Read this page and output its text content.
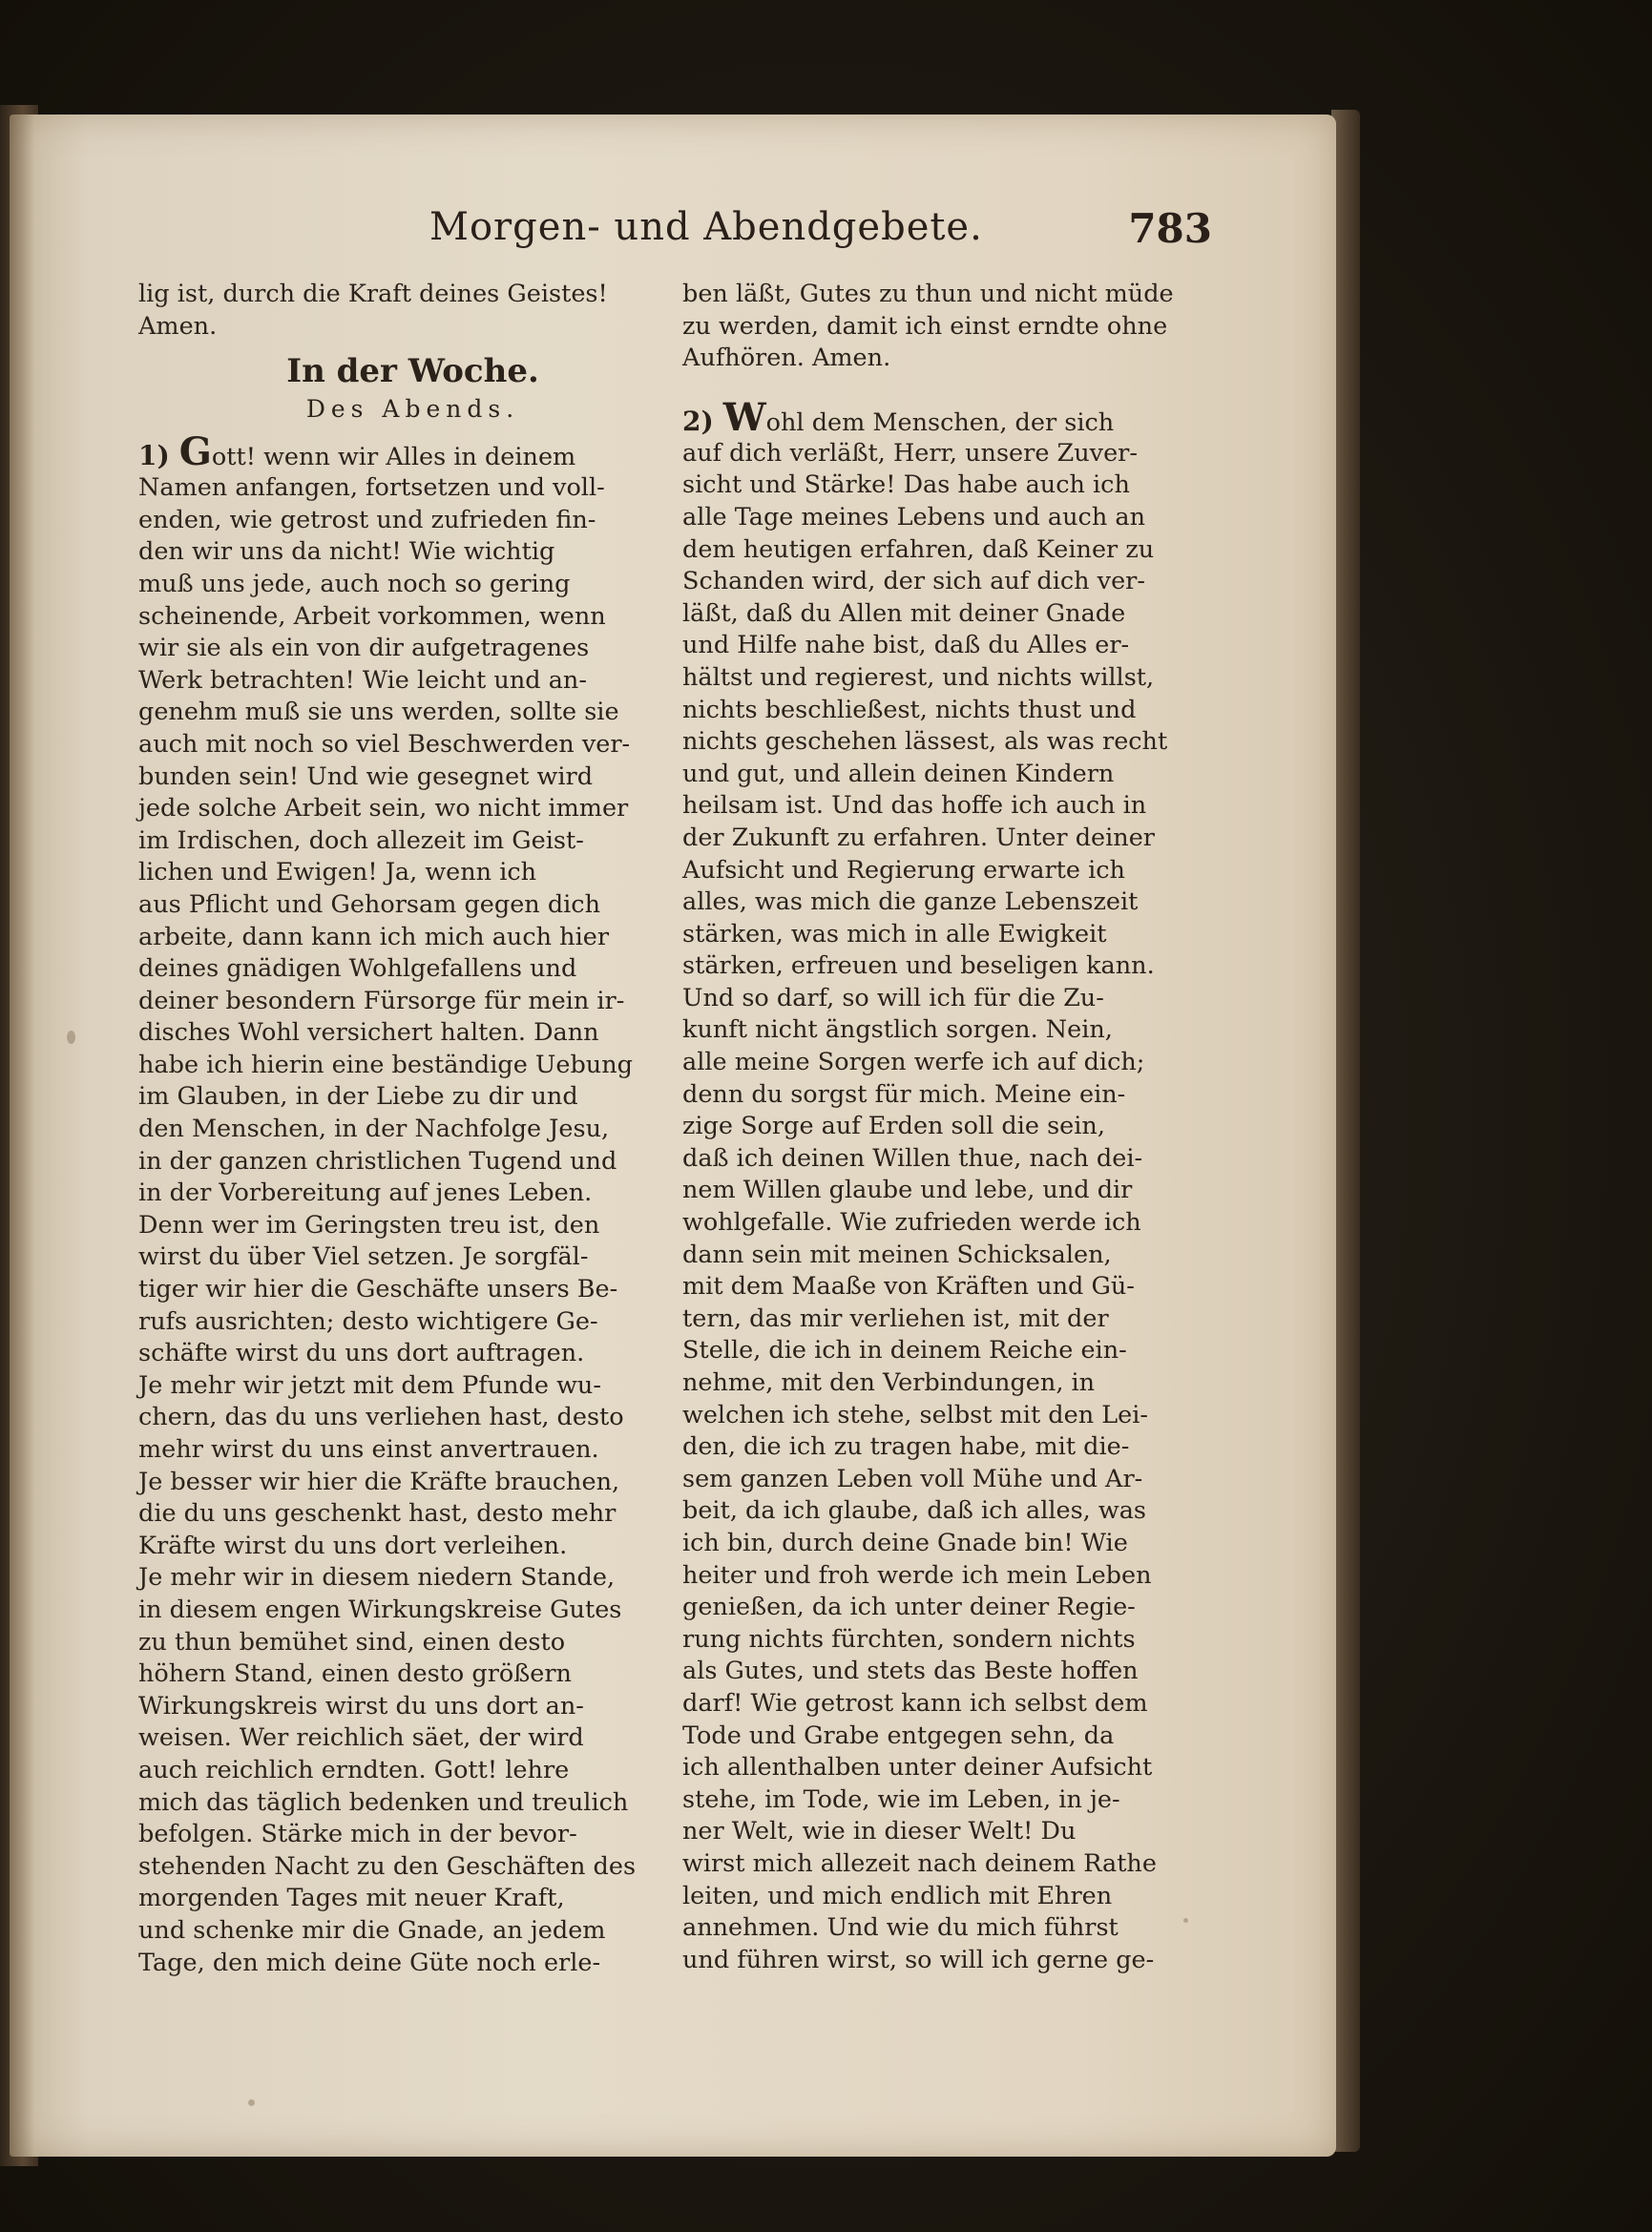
Morgen- und Abendgebete.	783
lig ist, durch die Kraft deines Geistes!
Amen.
In der Woche.
Des Abends.
1) Gott! wenn wir Alles in deinem
Namen anfangen, fortsetzen und voll-
enden, wie getrost und zufrieden fin-
den wir uns da nicht! Wie wichtig
muß uns jede, auch noch so gering
scheinende, Arbeit vorkommen, wenn
wir sie als ein von dir aufgetragenes
Werk betrachten! Wie leicht und an-
genehm muß sie uns werden, sollte sie
auch mit noch so viel Beschwerden ver-
bunden sein! Und wie gesegnet wird
jede solche Arbeit sein, wo nicht immer
im Irdischen, doch allezeit im Geist-
lichen und Ewigen! Ja, wenn ich
aus Pflicht und Gehorsam gegen dich
arbeite, dann kann ich mich auch hier
deines gnädigen Wohlgefallens und
deiner besondern Fürsorge für mein ir-
disches Wohl versichert halten. Dann
habe ich hierin eine beständige Uebung
im Glauben, in der Liebe zu dir und
den Menschen, in der Nachfolge Jesu,
in der ganzen christlichen Tugend und
in der Vorbereitung auf jenes Leben.
Denn wer im Geringsten treu ist, den
wirst du über Viel setzen. Je sorgfäl-
tiger wir hier die Geschäfte unsers Be-
rufs ausrichten; desto wichtigere Ge-
schäfte wirst du uns dort auftragen.
Je mehr wir jetzt mit dem Pfunde wu-
chern, das du uns verliehen hast, desto
mehr wirst du uns einst anvertrauen.
Je besser wir hier die Kräfte brauchen,
die du uns geschenkt hast, desto mehr
Kräfte wirst du uns dort verleihen.
Je mehr wir in diesem niedern Stande,
in diesem engen Wirkungskreise Gutes
zu thun bemühet sind, einen desto
höhern Stand, einen desto größern
Wirkungskreis wirst du uns dort an-
weisen. Wer reichlich säet, der wird
auch reichlich erndten. Gott! lehre
mich das täglich bedenken und treulich
befolgen. Stärke mich in der bevor-
stehenden Nacht zu den Geschäften des
morgenden Tages mit neuer Kraft,
und schenke mir die Gnade, an jedem
Tage, den mich deine Güte noch erle-
ben läßt, Gutes zu thun und nicht müde
zu werden, damit ich einst erndte ohne
Aufhören. Amen.
2) Wohl dem Menschen, der sich
auf dich verläßt, Herr, unsere Zuver-
sicht und Stärke! Das habe auch ich
alle Tage meines Lebens und auch an
dem heutigen erfahren, daß Keiner zu
Schanden wird, der sich auf dich ver-
läßt, daß du Allen mit deiner Gnade
und Hilfe nahe bist, daß du Alles er-
hältst und regierest, und nichts willst,
nichts beschließest, nichts thust und
nichts geschehen lässest, als was recht
und gut, und allein deinen Kindern
heilsam ist. Und das hoffe ich auch in
der Zukunft zu erfahren. Unter deiner
Aufsicht und Regierung erwarte ich
alles, was mich die ganze Lebenszeit
stärken, was mich in alle Ewigkeit
stärken, erfreuen und beseligen kann.
Und so darf, so will ich für die Zu-
kunft nicht ängstlich sorgen. Nein,
alle meine Sorgen werfe ich auf dich;
denn du sorgst für mich. Meine ein-
zige Sorge auf Erden soll die sein,
daß ich deinen Willen thue, nach dei-
nem Willen glaube und lebe, und dir
wohlgefalle. Wie zufrieden werde ich
dann sein mit meinen Schicksalen,
mit dem Maaße von Kräften und Gü-
tern, das mir verliehen ist, mit der
Stelle, die ich in deinem Reiche ein-
nehme, mit den Verbindungen, in
welchen ich stehe, selbst mit den Lei-
den, die ich zu tragen habe, mit die-
sem ganzen Leben voll Mühe und Ar-
beit, da ich glaube, daß ich alles, was
ich bin, durch deine Gnade bin! Wie
heiter und froh werde ich mein Leben
genießen, da ich unter deiner Regie-
rung nichts fürchten, sondern nichts
als Gutes, und stets das Beste hoffen
darf! Wie getrost kann ich selbst dem
Tode und Grabe entgegen sehn, da
ich allenthalben unter deiner Aufsicht
stehe, im Tode, wie im Leben, in je-
ner Welt, wie in dieser Welt! Du
wirst mich allezeit nach deinem Rathe
leiten, und mich endlich mit Ehren
annehmen. Und wie du mich führst
und führen wirst, so will ich gerne ge-
